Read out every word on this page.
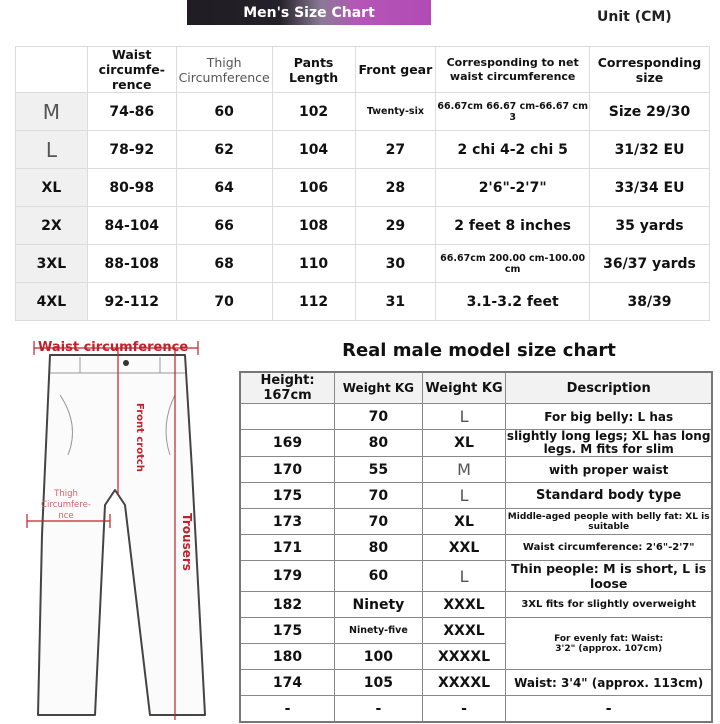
Men's Size Chart	Unit (CM)
	Waist circumfe-rence	Thigh Circumference	Pants Length	Front gear	Corresponding to net waist circumference	Corresponding size
M	74-86	60	102	Twenty-six	66.67cm 66.67 cm-66.67 cm 3	Size 29/30
L	78-92	62	104	27	2 chi 4-2 chi 5	31/32 EU
XL	80-98	64	106	28	2'6"-2'7"	33/34 EU
2X	84-104	66	108	29	2 feet 8 inches	35 yards
3XL	88-108	68	110	30	66.67cm 200.00 cm-100.00 cm	36/37 yards
4XL	92-112	70	112	31	3.1-3.2 feet	38/39
Waist circumference
Front crotch
Thigh Circumfere-nce	Trousers
Real male model size chart
Height: 167cm	Weight KG	Weight KG	Description
	70	L	For big belly: L has
169	80	XL	slightly long legs; XL has long legs. M fits for slim
170	55	M	with proper waist
175	70	L	Standard body type
173	70	XL	Middle-aged people with belly fat: XL is suitable
171	80	XXL	Waist circumference: 2'6"-2'7"
179	60	L	Thin people: M is short, L is loose
182	Ninety	XXXL	3XL fits for slightly overweight
175	Ninety-five	XXXL	For evenly fat: Waist: 3'2" (approx. 107cm)
180	100	XXXXL	
174	105	XXXXL	Waist: 3'4" (approx. 113cm)
-	-	-	-
